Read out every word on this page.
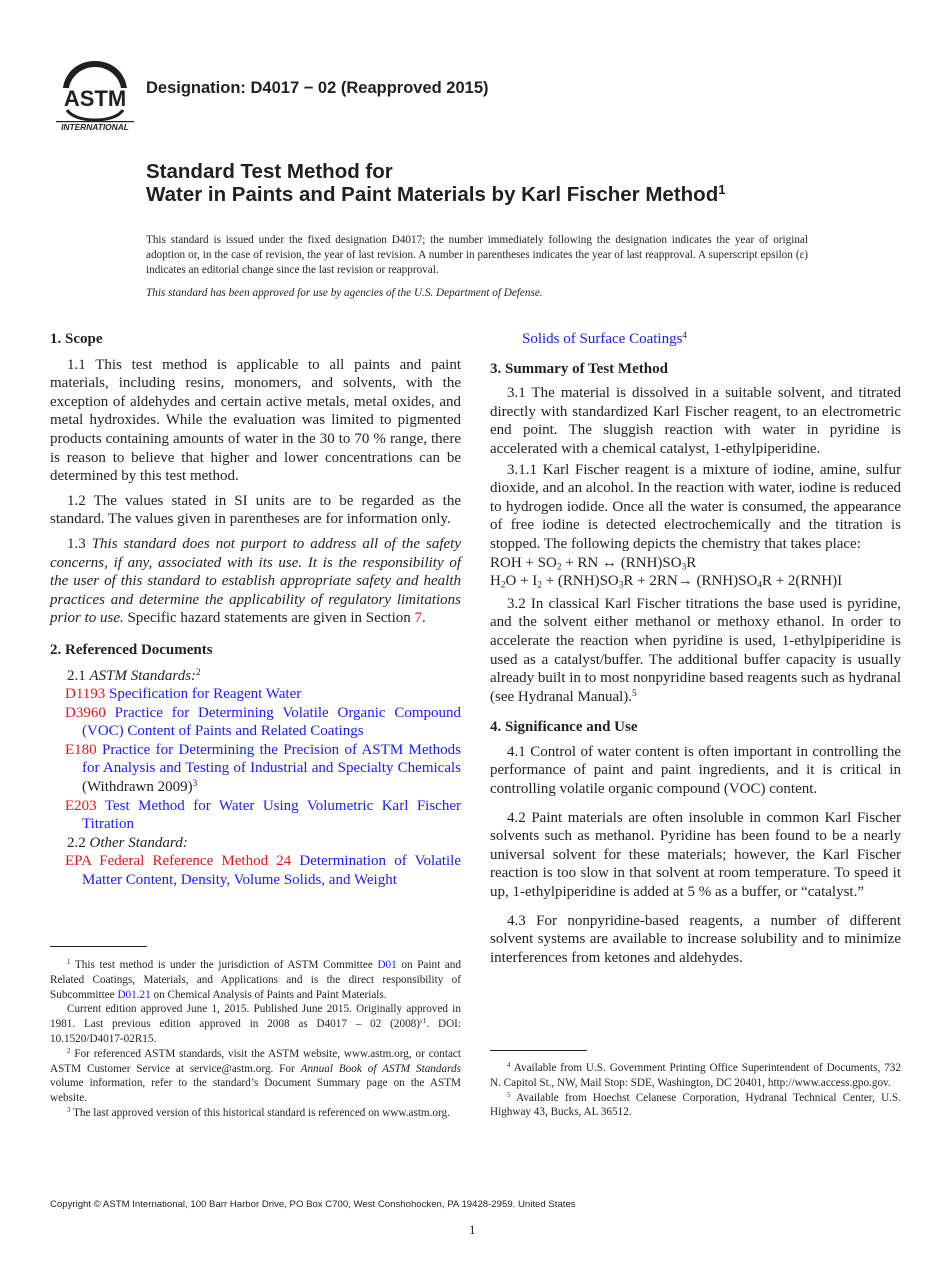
ASTM
INTERNATIONAL
Designation: D4017 − 02 (Reapproved 2015)
Standard Test Method for
Water in Paints and Paint Materials by Karl Fischer Method$^1$
This standard is issued under the fixed designation D4017; the number immediately following the designation indicates the year of original adoption or, in the case of revision, the year of last revision. A number in parentheses indicates the year of last reapproval. A superscript epsilon (ε) indicates an editorial change since the last revision or reapproval.
This standard has been approved for use by agencies of the U.S. Department of Defense.

1. Scope

1.1 This test method is applicable to all paints and paint materials, including resins, monomers, and solvents, with the exception of aldehydes and certain active metals, metal oxides, and metal hydroxides. While the evaluation was limited to pigmented products containing amounts of water in the 30 to 70 % range, there is reason to believe that higher and lower concentrations can be determined by this test method.

1.2 The values stated in SI units are to be regarded as the standard. The values given in parentheses are for information only.

1.3 This standard does not purport to address all of the safety concerns, if any, associated with its use. It is the responsibility of the user of this standard to establish appropriate safety and health practices and determine the applicability of regulatory limitations prior to use. Specific hazard statements are given in Section 7.

2. Referenced Documents

2.1 ASTM Standards:$^2$

D1193 Specification for Reagent Water

D3960 Practice for Determining Volatile Organic Compound (VOC) Content of Paints and Related Coatings

E180 Practice for Determining the Precision of ASTM Methods for Analysis and Testing of Industrial and Specialty Chemicals (Withdrawn 2009)$^3$

E203 Test Method for Water Using Volumetric Karl Fischer Titration

2.2 Other Standard:

EPA Federal Reference Method 24 Determination of Volatile Matter Content, Density, Volume Solids, and Weight

$^1$ This test method is under the jurisdiction of ASTM Committee D01 on Paint and Related Coatings, Materials, and Applications and is the direct responsibility of Subcommittee D01.21 on Chemical Analysis of Paints and Paint Materials.

Current edition approved June 1, 2015. Published June 2015. Originally approved in 1981. Last previous edition approved in 2008 as D4017 – 02 $(2008)^{\varepsilon 1}$. DOI: 10.1520/D4017-02R15.

$^2$ For referenced ASTM standards, visit the ASTM website, www.astm.org, or contact ASTM Customer Service at service@astm.org. For Annual Book of ASTM Standards volume information, refer to the standard’s Document Summary page on the ASTM website.

$^3$ The last approved version of this historical standard is referenced on www.astm.org.

Solids of Surface Coatings$^4$

3. Summary of Test Method

3.1 The material is dissolved in a suitable solvent, and titrated directly with standardized Karl Fischer reagent, to an electrometric end point. The sluggish reaction with water in pyridine is accelerated with a chemical catalyst, 1-ethylpiperidine.

3.1.1 Karl Fischer reagent is a mixture of iodine, amine, sulfur dioxide, and an alcohol. In the reaction with water, iodine is reduced to hydrogen iodide. Once all the water is consumed, the appearance of free iodine is detected electrochemically and the titration is stopped. The following depicts the chemistry that takes place:

ROH + $SO_2$ + RN ↔ $(RNH)SO_3R$

$H_2O + I_2 + (RNH)SO_3R + 2RN\to (RNH)SO_4R + 2(RNH)I$

3.2 In classical Karl Fischer titrations the base used is pyridine, and the solvent either methanol or methoxy ethanol. In order to accelerate the reaction when pyridine is used, 1-ethylpiperidine is used as a catalyst/buffer. The additional buffer capacity is usually already built in to most nonpyridine based reagents such as hydranal (see Hydranal Manual).$^5$

4. Significance and Use

4.1 Control of water content is often important in controlling the performance of paint and paint ingredients, and it is critical in controlling volatile organic compound (VOC) content.

4.2 Paint materials are often insoluble in common Karl Fischer solvents such as methanol. Pyridine has been found to be a nearly universal solvent for these materials; however, the Karl Fischer reaction is too slow in that solvent at room temperature. To speed it up, 1-ethylpiperidine is added at 5 % as a buffer, or “catalyst.”

4.3 For nonpyridine-based reagents, a number of different solvent systems are available to increase solubility and to minimize interferences from ketones and aldehydes.

$^4$ Available from U.S. Government Printing Office Superintendent of Documents, 732 N. Capitol St., NW, Mail Stop: SDE, Washington, DC 20401, http://www.access.gpo.gov.

$^5$ Available from Hoechst Celanese Corporation, Hydranal Technical Center, U.S. Highway 43, Bucks, AL 36512.

Copyright © ASTM International, 100 Barr Harbor Drive, PO Box C700, West Conshohocken, PA 19428-2959. United States
1
